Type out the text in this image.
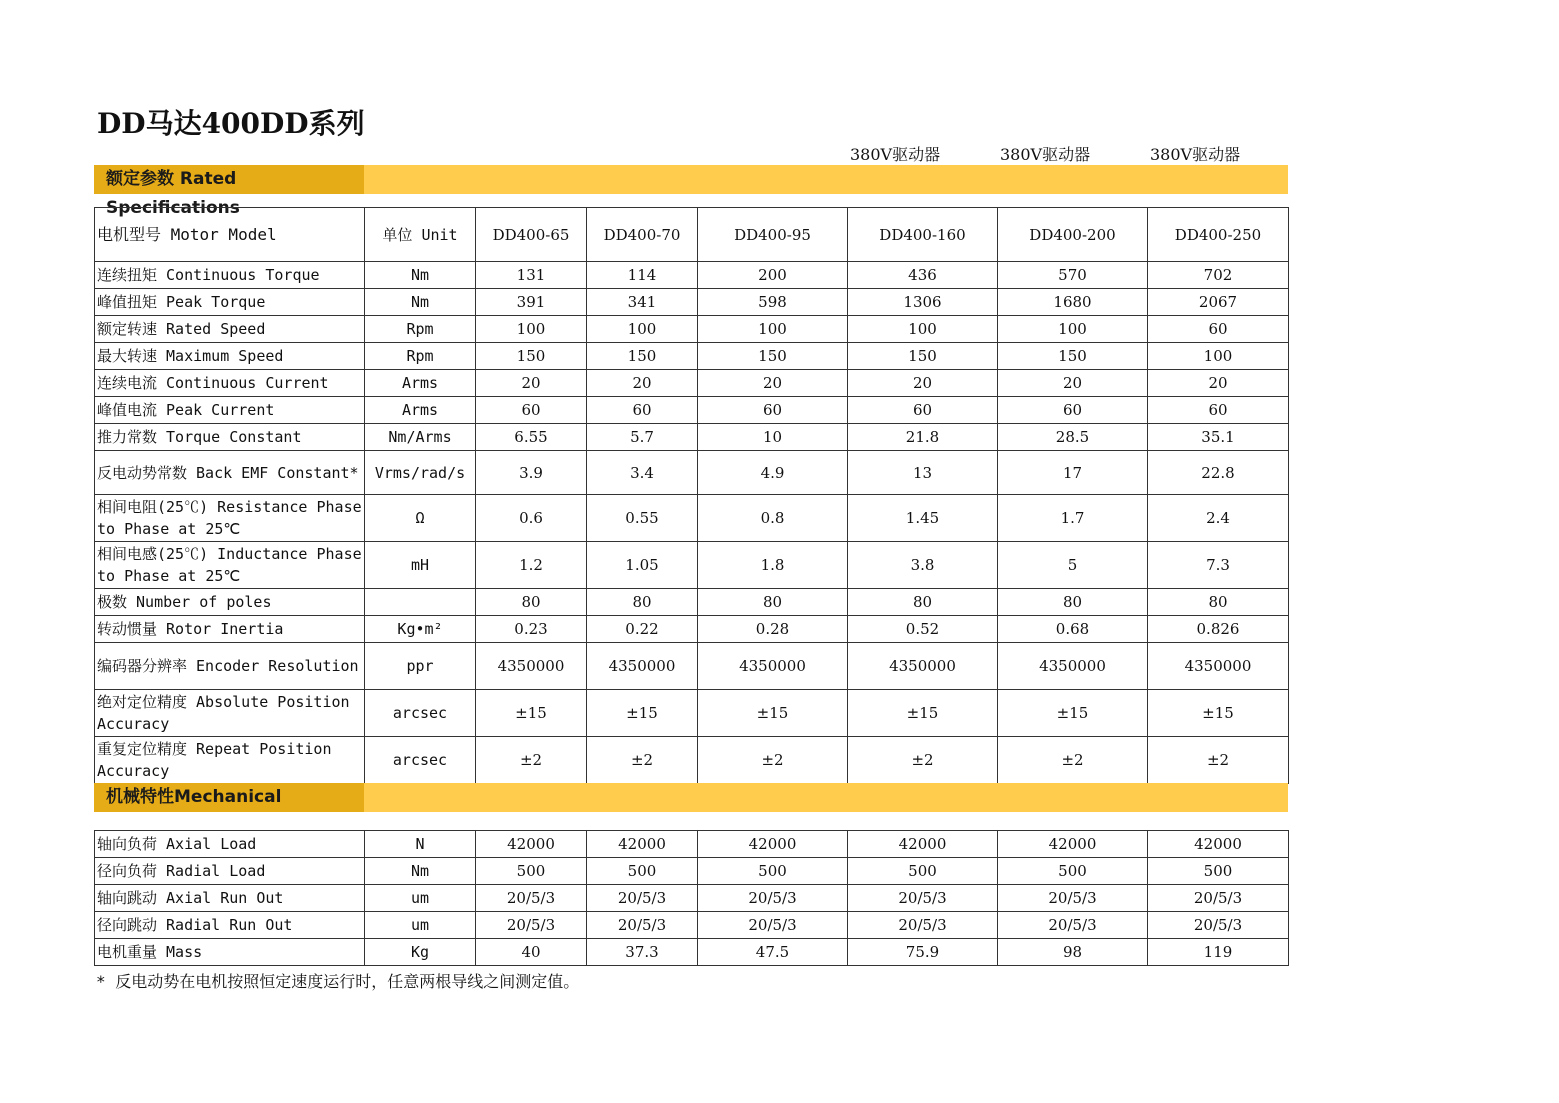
DD马达400DD系列
380V驱动器	380V驱动器	380V驱动器
额定参数 Rated Specifications
电机型号 Motor Model	单位 Unit	DD400-65	DD400-70	DD400-95	DD400-160	DD400-200	DD400-250
连续扭矩 Continuous Torque	Nm	131	114	200	436	570	702
峰值扭矩 Peak Torque	Nm	391	341	598	1306	1680	2067
额定转速 Rated Speed	Rpm	100	100	100	100	100	60
最大转速 Maximum Speed	Rpm	150	150	150	150	150	100
连续电流 Continuous Current	Arms	20	20	20	20	20	20
峰值电流 Peak Current	Arms	60	60	60	60	60	60
推力常数 Torque Constant	Nm/Arms	6.55	5.7	10	21.8	28.5	35.1
反电动势常数 Back EMF Constant*	Vrms/rad/s	3.9	3.4	4.9	13	17	22.8
相间电阻(25℃) Resistance Phase to Phase at 25℃	Ω	0.6	0.55	0.8	1.45	1.7	2.4
相间电感(25℃) Inductance Phase to Phase at 25℃	mH	1.2	1.05	1.8	3.8	5	7.3
极数 Number of poles		80	80	80	80	80	80
转动惯量 Rotor Inertia	Kg•m²	0.23	0.22	0.28	0.52	0.68	0.826
编码器分辨率 Encoder Resolution	ppr	4350000	4350000	4350000	4350000	4350000	4350000
绝对定位精度 Absolute Position Accuracy	arcsec	±15	±15	±15	±15	±15	±15
重复定位精度 Repeat Position Accuracy	arcsec	±2	±2	±2	±2	±2	±2
机械特性Mechanical
轴向负荷 Axial Load	N	42000	42000	42000	42000	42000	42000
径向负荷 Radial Load	Nm	500	500	500	500	500	500
轴向跳动 Axial Run Out	um	20/5/3	20/5/3	20/5/3	20/5/3	20/5/3	20/5/3
径向跳动 Radial Run Out	um	20/5/3	20/5/3	20/5/3	20/5/3	20/5/3	20/5/3
电机重量 Mass	Kg	40	37.3	47.5	75.9	98	119
* 反电动势在电机按照恒定速度运行时，任意两根导线之间测定值。
